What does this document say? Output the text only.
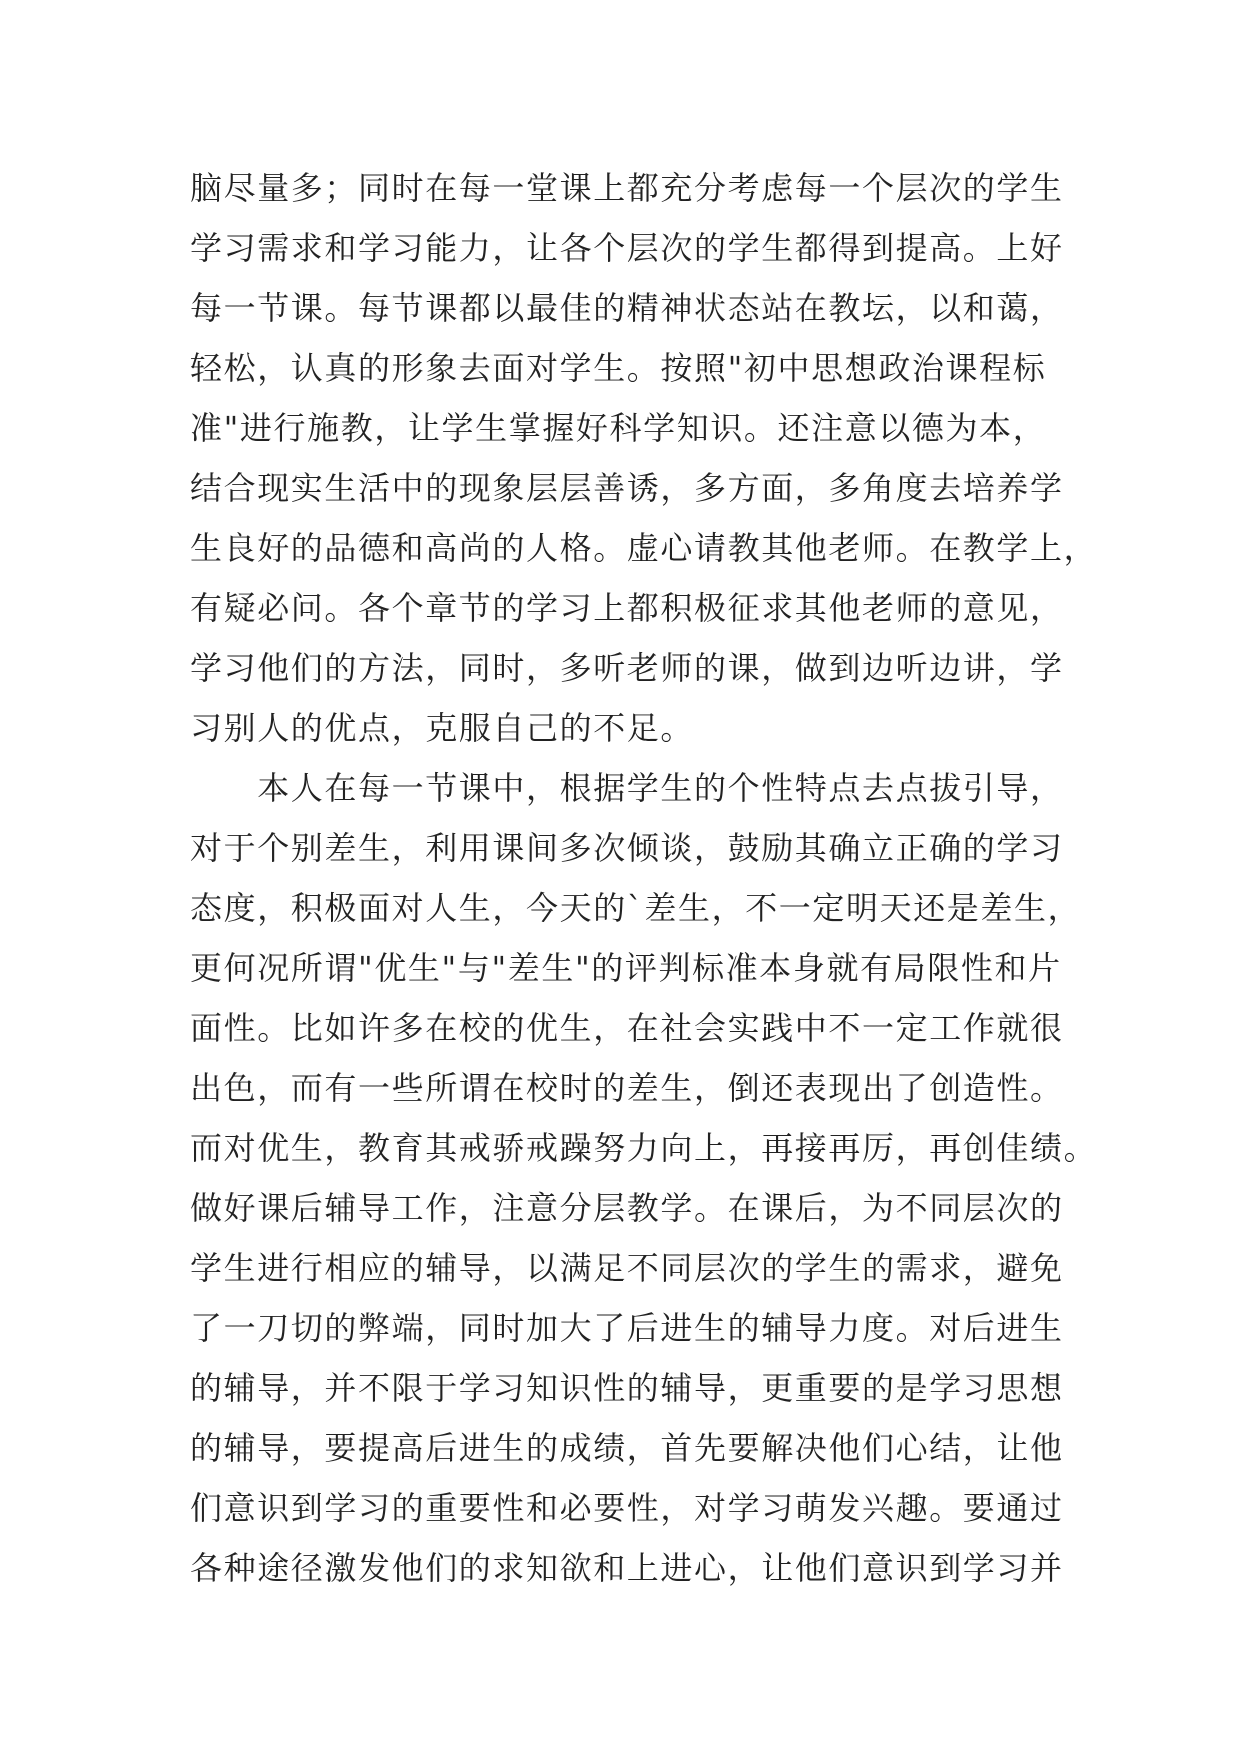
脑尽量多；同时在每一堂课上都充分考虑每一个层次的学生
学习需求和学习能力，让各个层次的学生都得到提高。上好
每一节课。每节课都以最佳的精神状态站在教坛，以和蔼，
轻松，认真的形象去面对学生。按照"初中思想政治课程标
准"进行施教，让学生掌握好科学知识。还注意以德为本，
结合现实生活中的现象层层善诱，多方面，多角度去培养学
生良好的品德和高尚的人格。虚心请教其他老师。在教学上，
有疑必问。各个章节的学习上都积极征求其他老师的意见，
学习他们的方法，同时，多听老师的课，做到边听边讲，学
习别人的优点，克服自己的不足。
　　本人在每一节课中，根据学生的个性特点去点拔引导，
对于个别差生，利用课间多次倾谈，鼓励其确立正确的学习
态度，积极面对人生，今天的`差生，不一定明天还是差生，
更何况所谓"优生"与"差生"的评判标准本身就有局限性和片
面性。比如许多在校的优生，在社会实践中不一定工作就很
出色，而有一些所谓在校时的差生，倒还表现出了创造性。
而对优生，教育其戒骄戒躁努力向上，再接再厉，再创佳绩。
做好课后辅导工作，注意分层教学。在课后，为不同层次的
学生进行相应的辅导，以满足不同层次的学生的需求，避免
了一刀切的弊端，同时加大了后进生的辅导力度。对后进生
的辅导，并不限于学习知识性的辅导，更重要的是学习思想
的辅导，要提高后进生的成绩，首先要解决他们心结，让他
们意识到学习的重要性和必要性，对学习萌发兴趣。要通过
各种途径激发他们的求知欲和上进心，让他们意识到学习并
